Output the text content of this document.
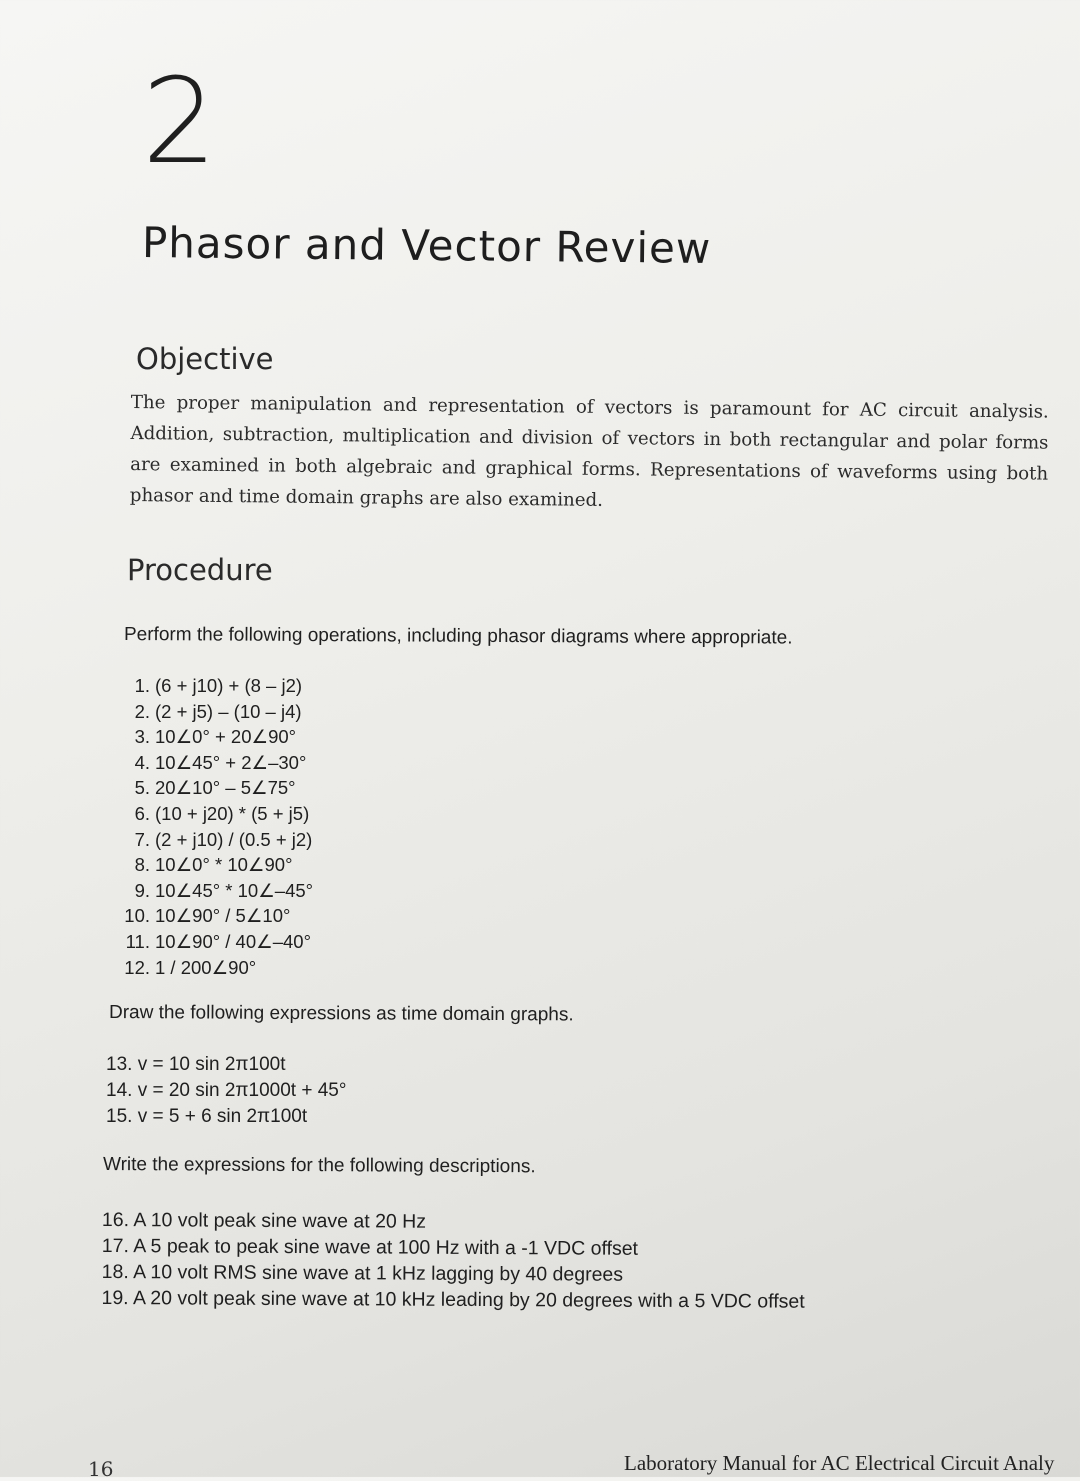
2
Phasor and Vector Review
Objective
The proper manipulation and representation of vectors is paramount for AC circuit analysis. Addition, subtraction, multiplication and division of vectors in both rectangular and polar forms are examined in both algebraic and graphical forms. Representations of waveforms using both phasor and time domain graphs are also examined.
Procedure
Perform the following operations, including phasor diagrams where appropriate.
1. (6 + j10) + (8 – j2)
2. (2 + j5) – (10 – j4)
3. 10∠0° + 20∠90°
4. 10∠45° + 2∠–30°
5. 20∠10° – 5∠75°
6. (10 + j20) * (5 + j5)
7. (2 + j10) / (0.5 + j2)
8. 10∠0° * 10∠90°
9. 10∠45° * 10∠–45°
10. 10∠90° / 5∠10°
11. 10∠90° / 40∠–40°
12. 1 / 200∠90°
Draw the following expressions as time domain graphs.
13. v = 10 sin 2π100t
14. v = 20 sin 2π1000t + 45°
15. v = 5 + 6 sin 2π100t
Write the expressions for the following descriptions.
16. A 10 volt peak sine wave at 20 Hz
17. A 5 peak to peak sine wave at 100 Hz with a -1 VDC offset
18. A 10 volt RMS sine wave at 1 kHz lagging by 40 degrees
19. A 20 volt peak sine wave at 10 kHz leading by 20 degrees with a 5 VDC offset
16	Laboratory Manual for AC Electrical Circuit Analy
